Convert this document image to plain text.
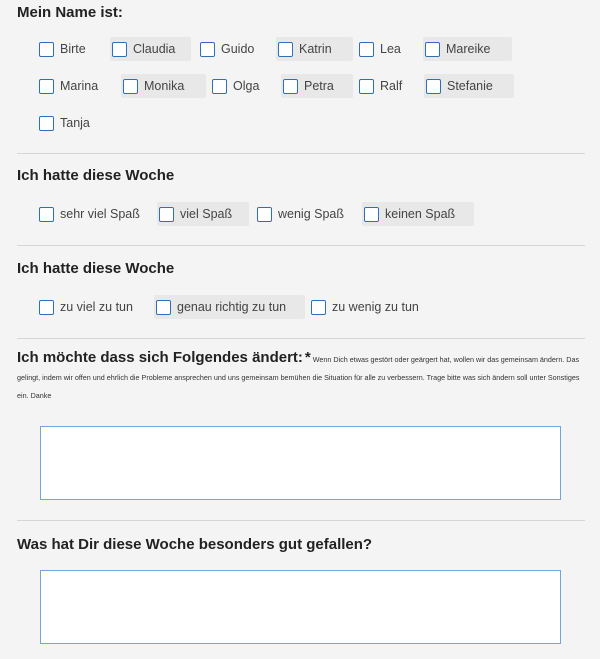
Mein Name ist:
Birte	Claudia	Guido	Katrin	Lea	Mareike
Marina	Monika	Olga	Petra	Ralf	Stefanie
Tanja
Ich hatte diese Woche
sehr viel Spaß	viel Spaß	wenig Spaß	keinen Spaß
Ich hatte diese Woche
zu viel zu tun	genau richtig zu tun	zu wenig zu tun
Ich möchte dass sich Folgendes ändert: * Wenn Dich etwas gestört oder geärgert hat, wollen wir das gemeinsam ändern. Das gelingt, indem wir offen und ehrlich die Probleme ansprechen und uns gemeinsam bemühen die Situation für alle zu verbessern. Trage bitte was sich ändern soll unter Sonstiges ein. Danke
Was hat Dir diese Woche besonders gut gefallen?
